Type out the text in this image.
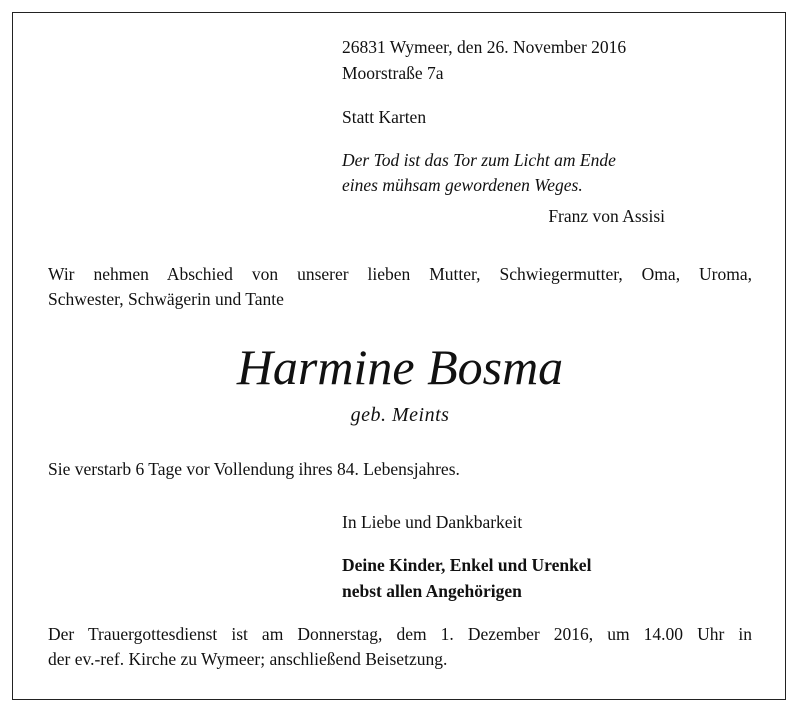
26831 Wymeer, den 26. November 2016

Moorstraße 7a

Statt Karten

Der Tod ist das Tor zum Licht am Ende

eines mühsam gewordenen Weges.

Franz von Assisi

Wir nehmen Abschied von unserer lieben Mutter, Schwiegermutter, Oma, Uroma,

Schwester, Schwägerin und Tante

Harmine Bosma

geb. Meints

Sie verstarb 6 Tage vor Vollendung ihres 84. Lebensjahres.

In Liebe und Dankbarkeit

Deine Kinder, Enkel und Urenkel

nebst allen Angehörigen

Der Trauergottesdienst ist am Donnerstag, dem 1. Dezember 2016, um 14.00 Uhr in

der ev.-ref. Kirche zu Wymeer; anschließend Beisetzung.
